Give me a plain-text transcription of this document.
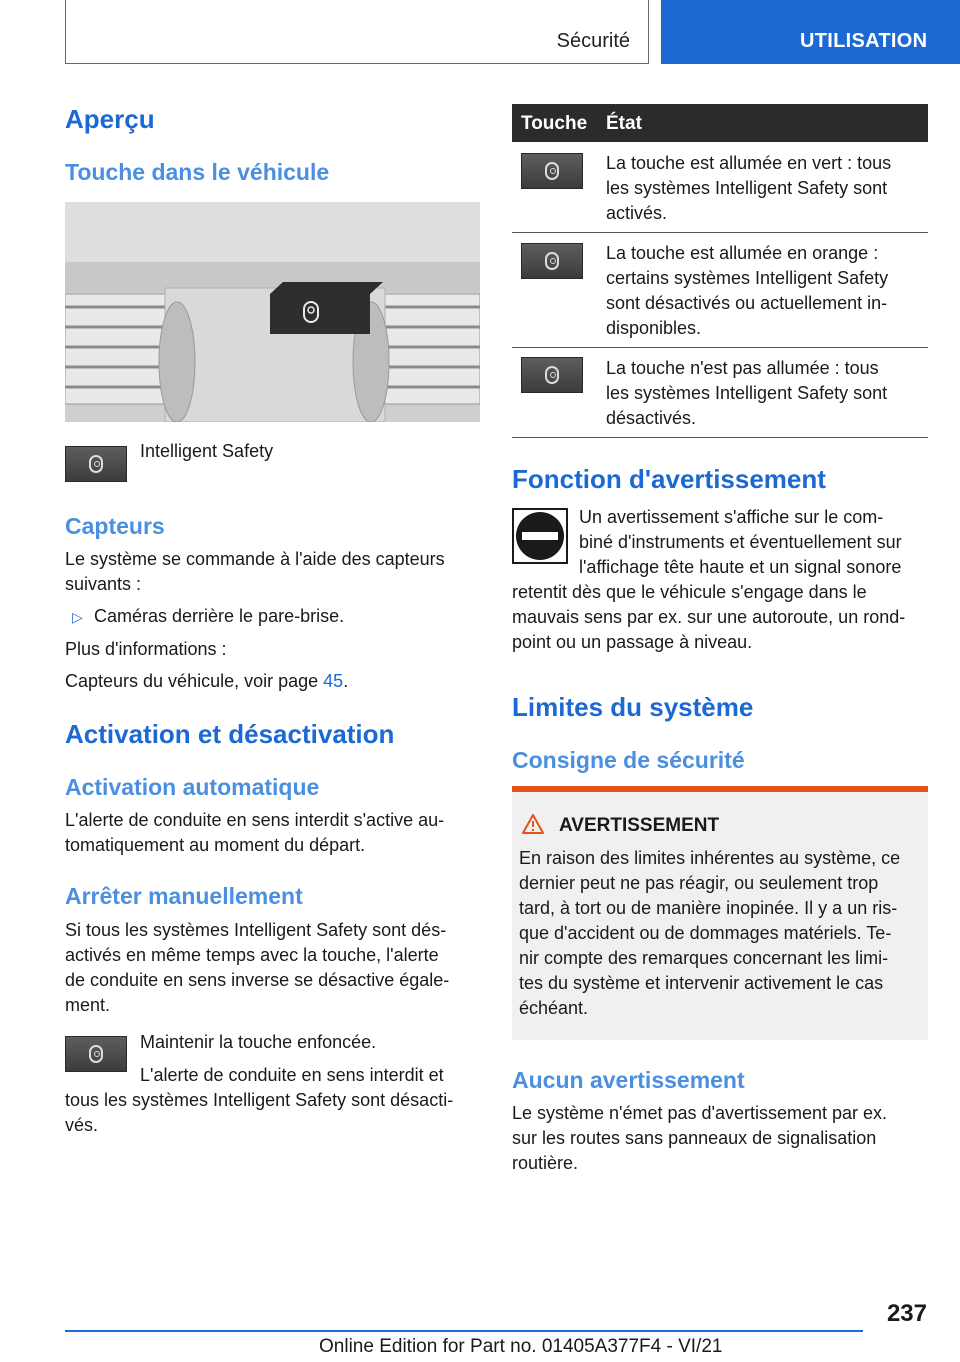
Sécurité	UTILISATION
Aperçu
Touche dans le véhicule

Intelligent Safety

Capteurs

Le système se commande à l'aide des capteurs

suivants :

▷ Caméras derrière le pare-brise.

Plus d'informations :

Capteurs du véhicule, voir page 45.

Activation et désactivation
Activation automatique

L'alerte de conduite en sens interdit s'active au-

tomatiquement au moment du départ.

Arrêter manuellement

Si tous les systèmes Intelligent Safety sont dés-

activés en même temps avec la touche, l'alerte

de conduite en sens inverse se désactive égale-

ment.

Maintenir la touche enfoncée.

L'alerte de conduite en sens interdit et

tous les systèmes Intelligent Safety sont désacti-

vés.

Touche État

La touche est allumée en vert : tous

les systèmes Intelligent Safety sont

activés.

La touche est allumée en orange :

certains systèmes Intelligent Safety

sont désactivés ou actuellement in-

disponibles.

La touche n'est pas allumée : tous

les systèmes Intelligent Safety sont

désactivés.

Fonction d'avertissement

Un avertissement s'affiche sur le com-

biné d'instruments et éventuellement sur

l'affichage tête haute et un signal sonore

retentit dès que le véhicule s'engage dans le

mauvais sens par ex. sur une autoroute, un rond-

point ou un passage à niveau.

Limites du système
Consigne de sécurité
AVERTISSEMENT

En raison des limites inhérentes au système, ce

dernier peut ne pas réagir, ou seulement trop

tard, à tort ou de manière inopinée. Il y a un ris-

que d'accident ou de dommages matériels. Te-

nir compte des remarques concernant les limi-

tes du système et intervenir activement le cas

échéant.

Aucun avertissement

Le système n'émet pas d'avertissement par ex.

sur les routes sans panneaux de signalisation

routière.

237
Online Edition for Part no. 01405A377F4 - VI/21
